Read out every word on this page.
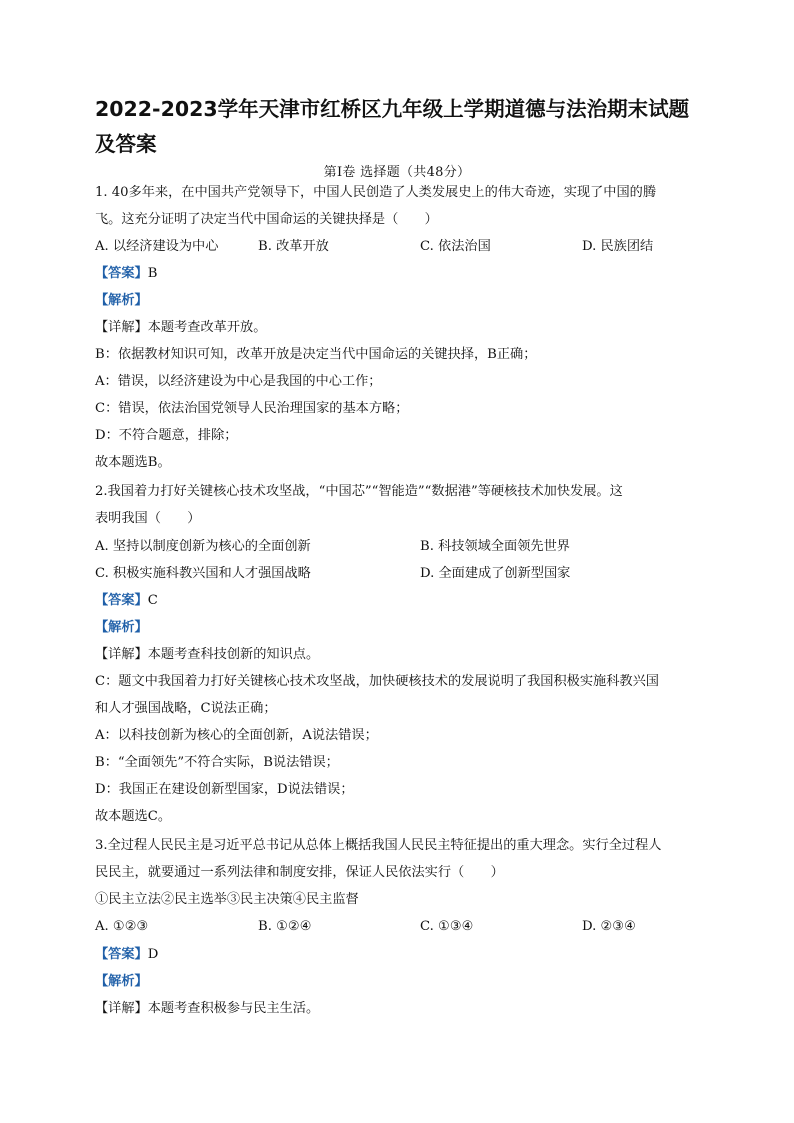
2022-2023学年天津市红桥区九年级上学期道德与法治期末试题
及答案
第Ⅰ卷 选择题（共48分）
1. 40多年来，在中国共产党领导下，中国人民创造了人类发展史上的伟大奇迹，实现了中国的腾
飞。这充分证明了决定当代中国命运的关键抉择是（　　）
A. 以经济建设为中心	B. 改革开放	C. 依法治国	D. 民族团结
【答案】B
【解析】
【详解】本题考查改革开放。
B：依据教材知识可知，改革开放是决定当代中国命运的关键抉择，B正确；
A：错误，以经济建设为中心是我国的中心工作；
C：错误，依法治国党领导人民治理国家的基本方略；
D：不符合题意，排除；
故本题选B。
2.我国着力打好关键核心技术攻坚战，“中国芯”“智能造”“数据港”等硬核技术加快发展。这
表明我国（　　）
A. 坚持以制度创新为核心的全面创新	B. 科技领域全面领先世界
C. 积极实施科教兴国和人才强国战略	D. 全面建成了创新型国家
【答案】C
【解析】
【详解】本题考查科技创新的知识点。
C：题文中我国着力打好关键核心技术攻坚战，加快硬核技术的发展说明了我国积极实施科教兴国
和人才强国战略，C说法正确；
A：以科技创新为核心的全面创新，A说法错误；
B：“全面领先”不符合实际，B说法错误；
D：我国正在建设创新型国家，D说法错误；
故本题选C。
3.全过程人民民主是习近平总书记从总体上概括我国人民民主特征提出的重大理念。实行全过程人
民民主，就要通过一系列法律和制度安排，保证人民依法实行（　　）
①民主立法②民主选举③民主决策④民主监督
A. ①②③	B. ①②④	C. ①③④	D. ②③④
【答案】D
【解析】
【详解】本题考查积极参与民主生活。
